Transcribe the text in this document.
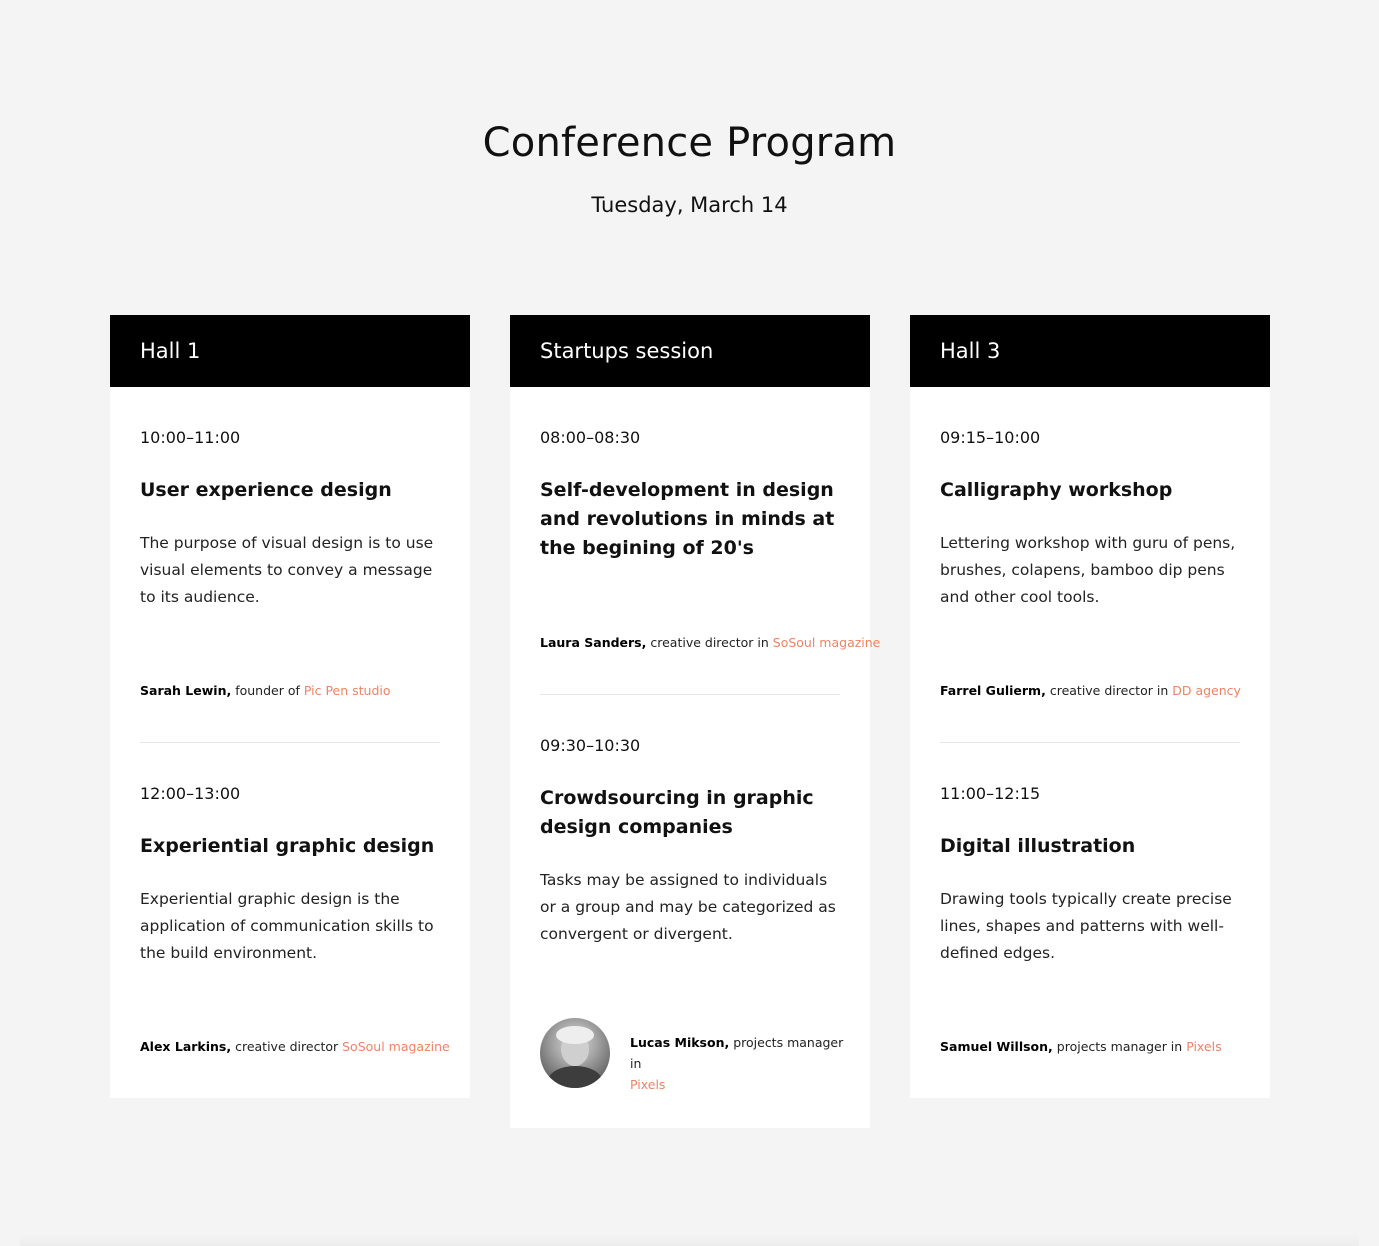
Conference Program
Tuesday, March 14
Hall 1
10:00–11:00
User experience design
The purpose of visual design is to use visual elements to convey a message to its audience.
Sarah Lewin, founder of Pic Pen studio
12:00–13:00
Experiential graphic design
Experiential graphic design is the application of communication skills to the build environment.
Alex Larkins, creative director SoSoul magazine
Startups session
08:00–08:30
Self-development in design and revolutions in minds at the begining of 20's
Laura Sanders, creative director in SoSoul magazine
09:30–10:30
Crowdsourcing in graphic design companies
Tasks may be assigned to individuals or a group and may be categorized as convergent or divergent.
Lucas Mikson, projects manager in
Pixels
Hall 3
09:15–10:00
Calligraphy workshop
Lettering workshop with guru of pens, brushes, colapens, bamboo dip pens and other cool tools.
Farrel Gulierm, creative director in DD agency
11:00–12:15
Digital illustration
Drawing tools typically create precise lines, shapes and patterns with well-defined edges.
Samuel Willson, projects manager in Pixels
